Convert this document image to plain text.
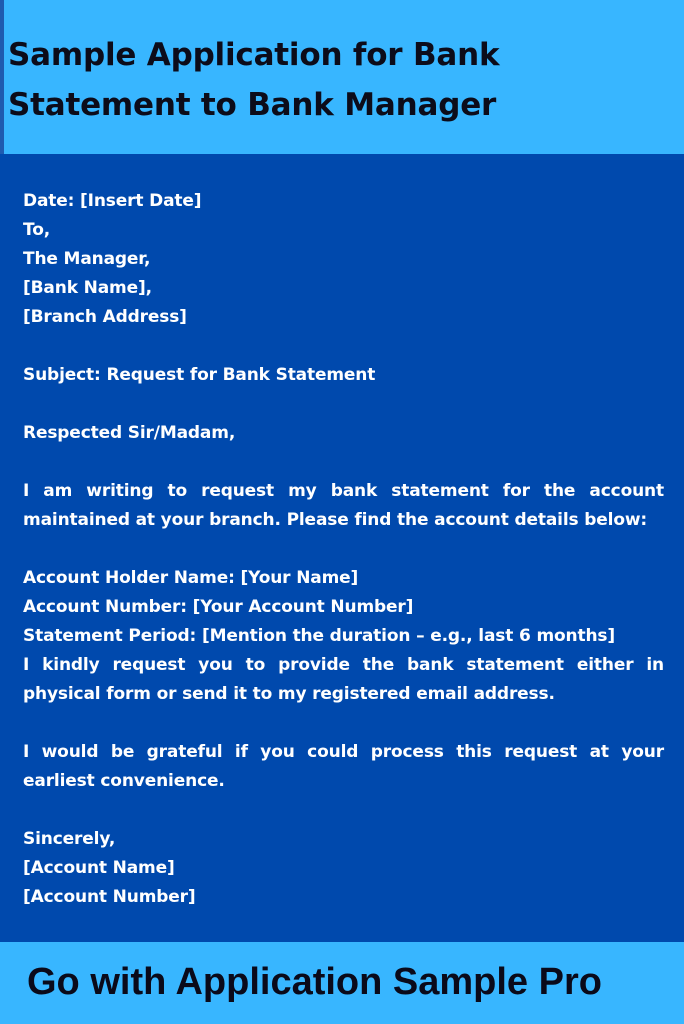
Sample Application for Bank Statement to Bank Manager
Date: [Insert Date]
To,
The Manager,
[Bank Name],
[Branch Address]
Subject: Request for Bank Statement
Respected Sir/Madam,
I am writing to request my bank statement for the account maintained at your branch. Please find the account details below:
Account Holder Name: [Your Name]
Account Number: [Your Account Number]
Statement Period: [Mention the duration – e.g., last 6 months]
I kindly request you to provide the bank statement either in physical form or send it to my registered email address.
I would be grateful if you could process this request at your earliest convenience.
Sincerely,
[Account Name]
[Account Number]

Go with Application Sample Pro
